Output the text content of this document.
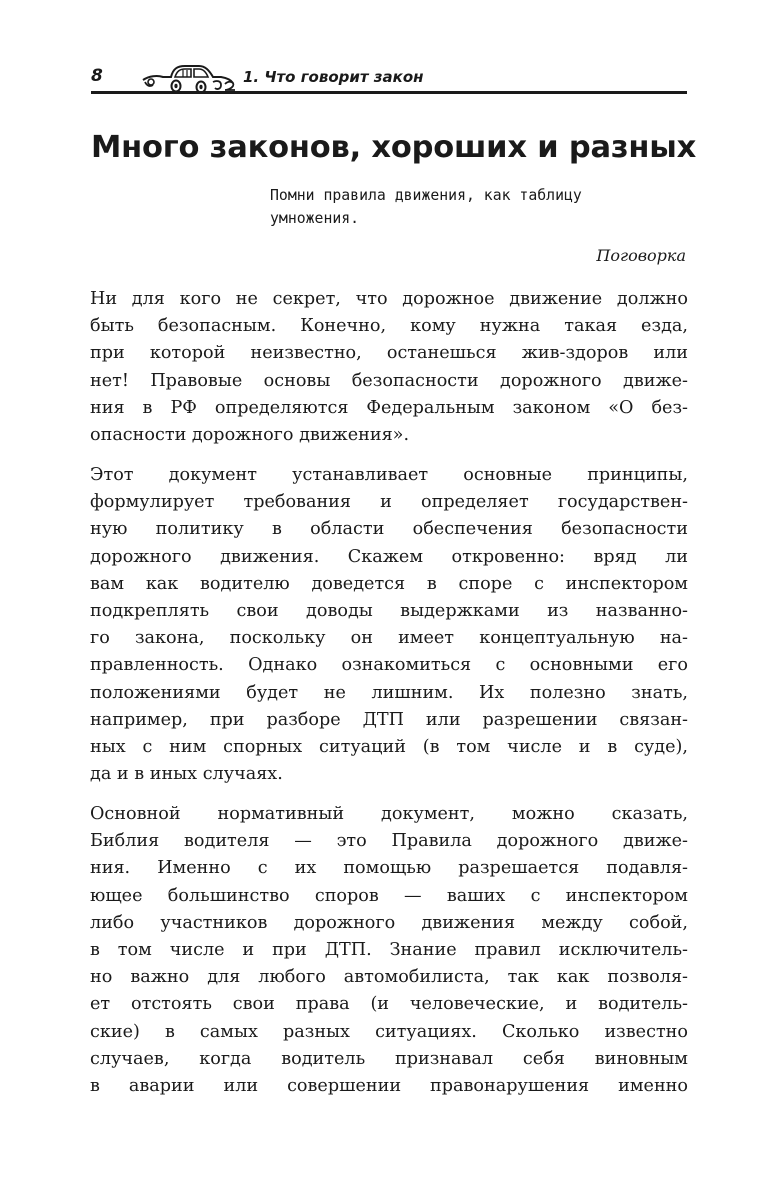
8	1. Что говорит закон
Много законов, хороших и разных
Помни правила движения, как таблицу
умножения.
Поговорка
Ни для кого не секрет, что дорожное движение должно
быть безопасным. Конечно, кому нужна такая езда,
при которой неизвестно, останешься жив-здоров или
нет! Правовые основы безопасности дорожного движе-
ния в РФ определяются Федеральным законом «О без-
опасности дорожного движения».
Этот документ устанавливает основные принципы,
формулирует требования и определяет государствен-
ную политику в области обеспечения безопасности
дорожного движения. Скажем откровенно: вряд ли
вам как водителю доведется в споре с инспектором
подкреплять свои доводы выдержками из названно-
го закона, поскольку он имеет концептуальную на-
правленность. Однако ознакомиться с основными его
положениями будет не лишним. Их полезно знать,
например, при разборе ДТП или разрешении связан-
ных с ним спорных ситуаций (в том числе и в суде),
да и в иных случаях.
Основной нормативный документ, можно сказать,
Библия водителя — это Правила дорожного движе-
ния. Именно с их помощью разрешается подавля-
ющее большинство споров — ваших с инспектором
либо участников дорожного движения между собой,
в том числе и при ДТП. Знание правил исключитель-
но важно для любого автомобилиста, так как позволя-
ет отстоять свои права (и человеческие, и водитель-
ские) в самых разных ситуациях. Сколько известно
случаев, когда водитель признавал себя виновным
в аварии или совершении правонарушения именно
